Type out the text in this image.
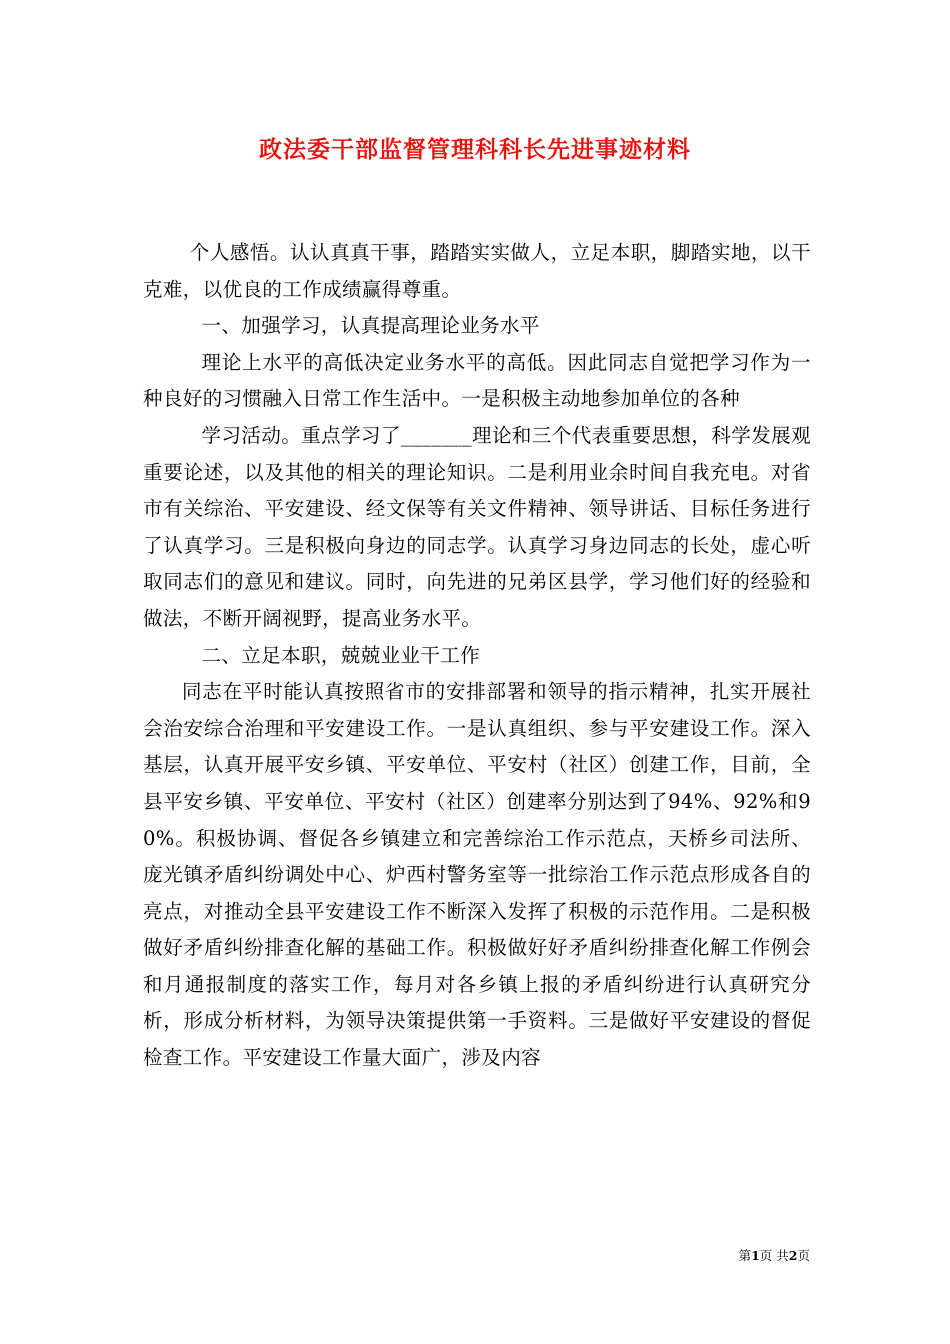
政法委干部监督管理科科长先进事迹材料

个人感悟。认认真真干事，踏踏实实做人，立足本职，脚踏实地，以干克难，以优良的工作成绩赢得尊重。

一、加强学习，认真提高理论业务水平

理论上水平的高低决定业务水平的高低。因此同志自觉把学习作为一种良好的习惯融入日常工作生活中。一是积极主动地参加单位的各种

学习活动。重点学习了_______理论和三个代表重要思想，科学发展观重要论述，以及其他的相关的理论知识。二是利用业余时间自我充电。对省市有关综治、平安建设、经文保等有关文件精神、领导讲话、目标任务进行了认真学习。三是积极向身边的同志学。认真学习身边同志的长处，虚心听取同志们的意见和建议。同时，向先进的兄弟区县学，学习他们好的经验和做法，不断开阔视野，提高业务水平。

二、立足本职，兢兢业业干工作

同志在平时能认真按照省市的安排部署和领导的指示精神，扎实开展社会治安综合治理和平安建设工作。一是认真组织、参与平安建设工作。深入基层，认真开展平安乡镇、平安单位、平安村（社区）创建工作，目前，全县平安乡镇、平安单位、平安村（社区）创建率分别达到了94%、92%和90%。积极协调、督促各乡镇建立和完善综治工作示范点，天桥乡司法所、庞光镇矛盾纠纷调处中心、炉西村警务室等一批综治工作示范点形成各自的亮点，对推动全县平安建设工作不断深入发挥了积极的示范作用。二是积极做好矛盾纠纷排查化解的基础工作。积极做好好矛盾纠纷排查化解工作例会和月通报制度的落实工作，每月对各乡镇上报的矛盾纠纷进行认真研究分析，形成分析材料，为领导决策提供第一手资料。三是做好平安建设的督促检查工作。平安建设工作量大面广，涉及内容

第1页 共2页
